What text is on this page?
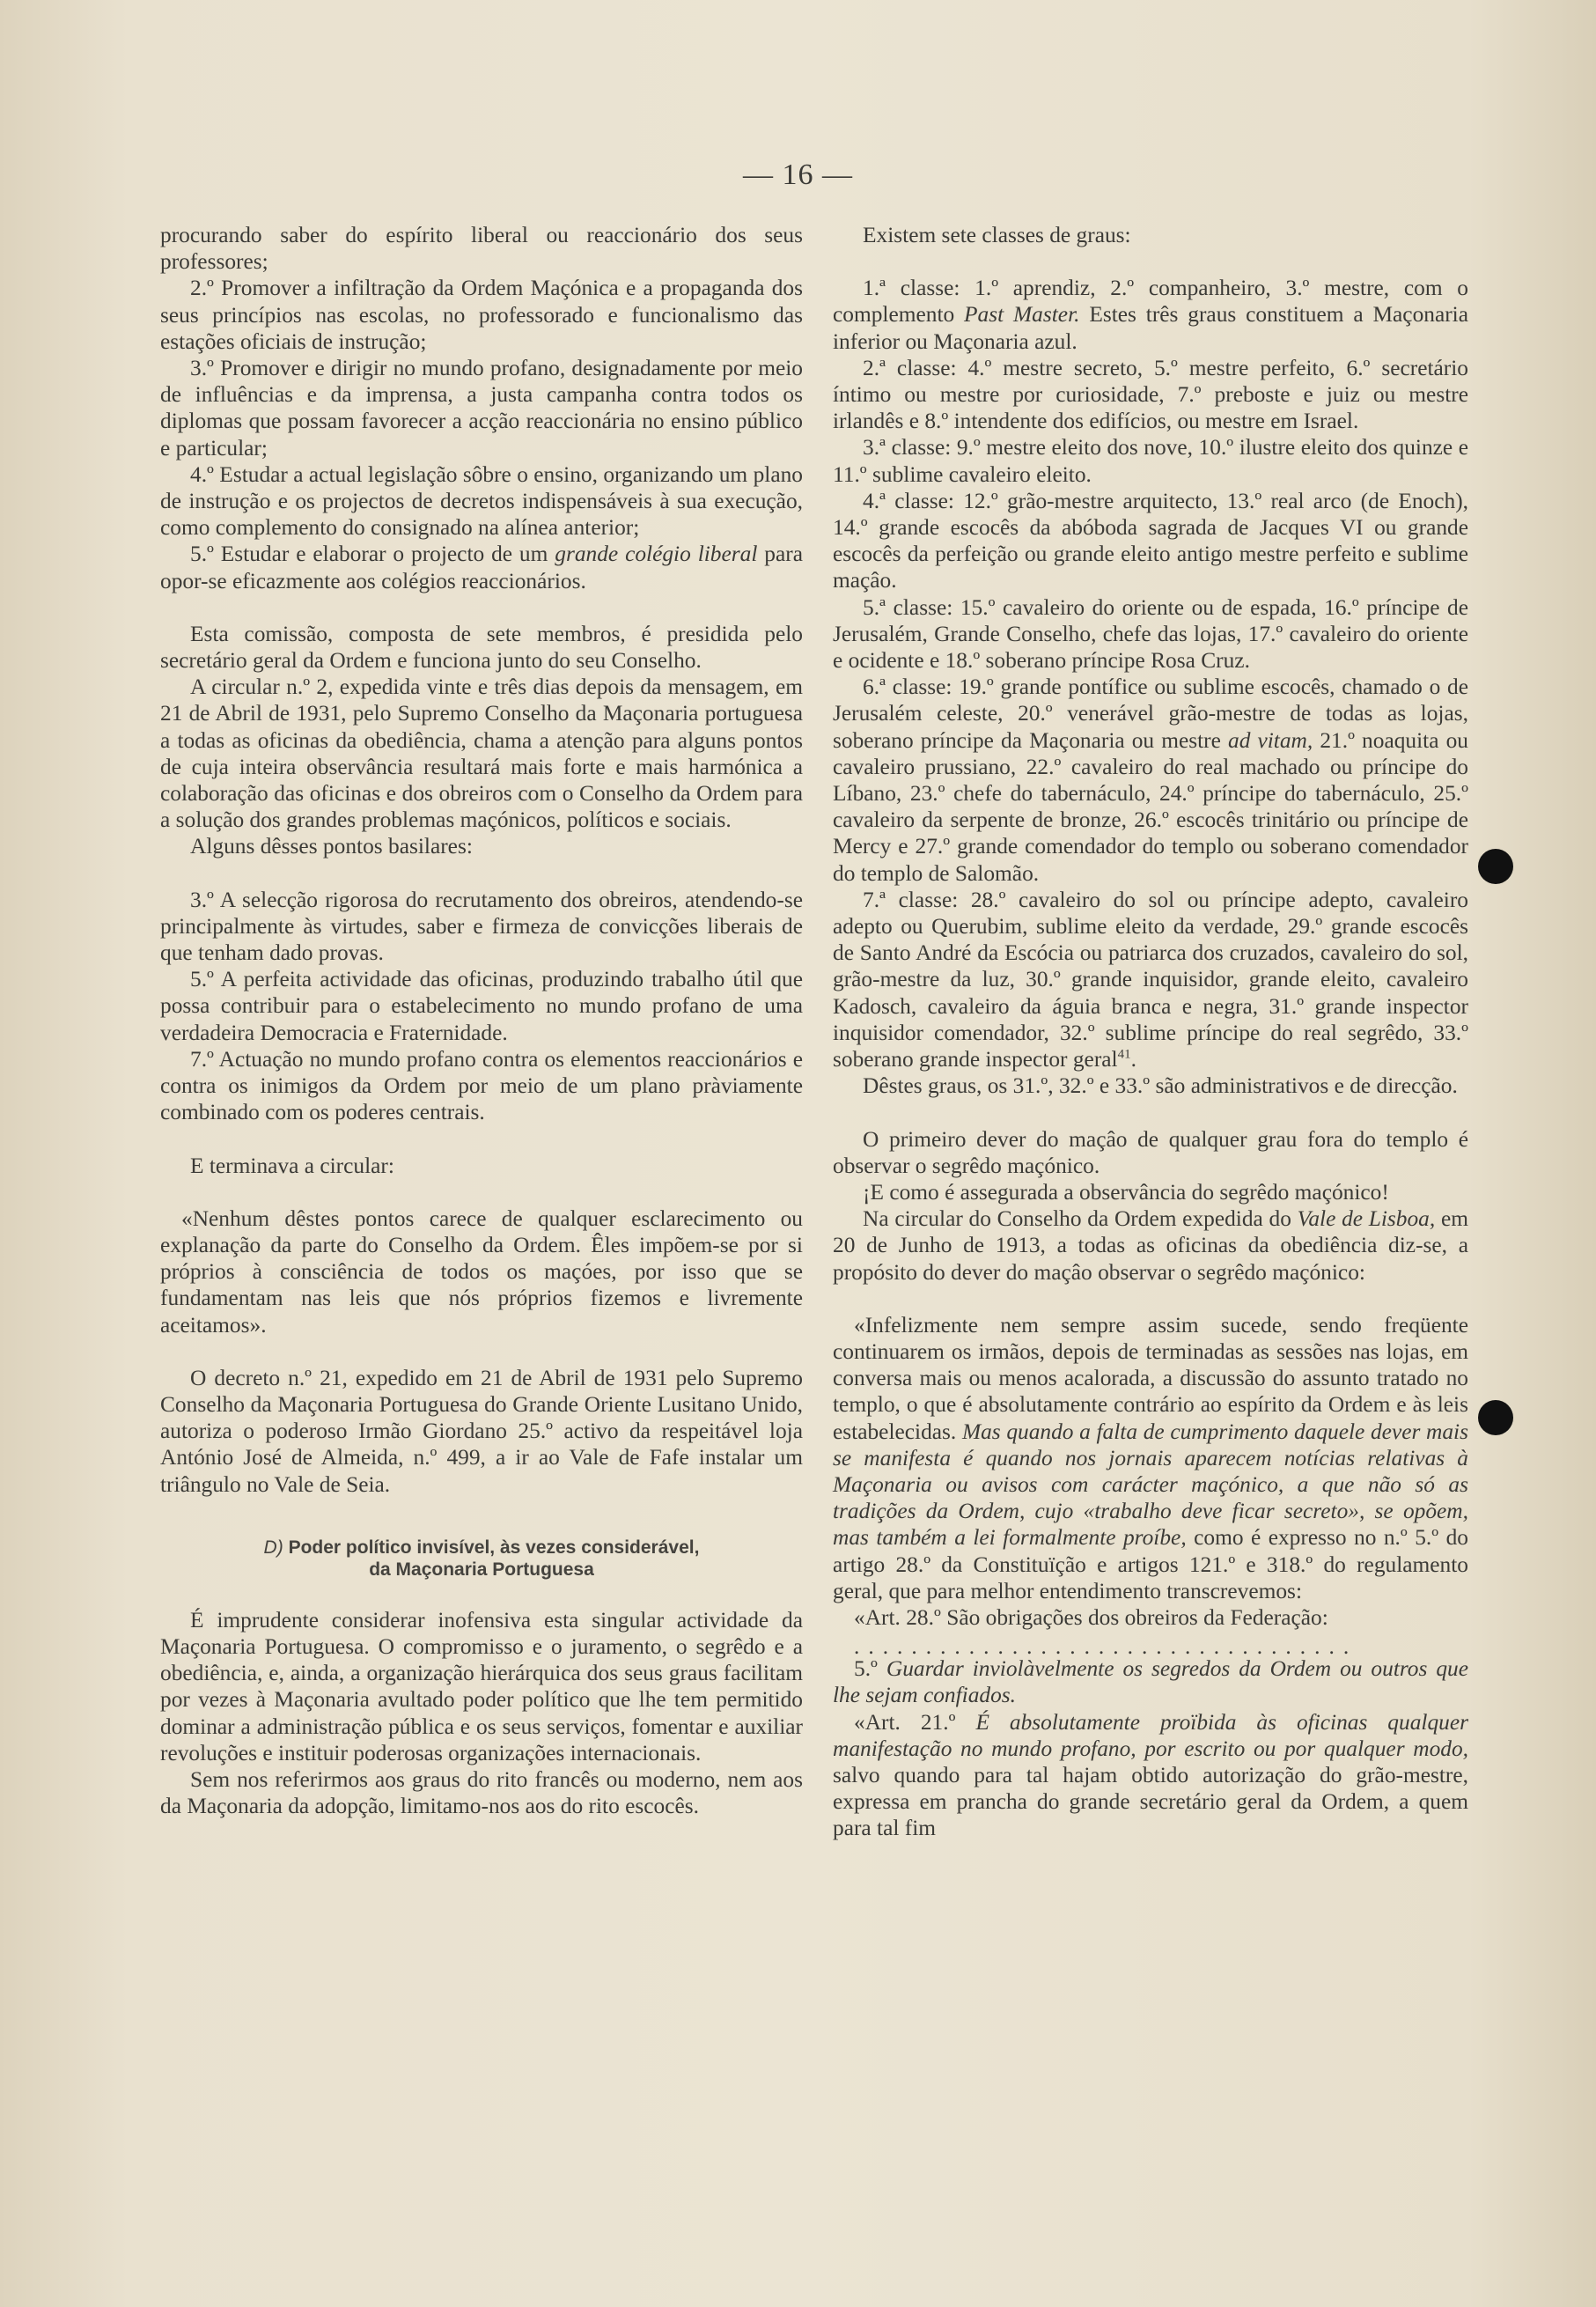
— 16 —

procurando saber do espírito liberal ou reaccionário dos seus professores;

2.º Promover a infiltração da Ordem Maçónica e a propaganda dos seus princípios nas escolas, no professorado e funcionalismo das estações oficiais de instrução;

3.º Promover e dirigir no mundo profano, designadamente por meio de influências e da imprensa, a justa campanha contra todos os diplomas que possam favorecer a acção reaccionária no ensino público e particular;

4.º Estudar a actual legislação sôbre o ensino, organizando um plano de instrução e os projectos de decretos indispensáveis à sua execução, como complemento do consignado na alínea anterior;

5.º Estudar e elaborar o projecto de um grande colégio liberal para opor-se eficazmente aos colégios reaccionários.

Esta comissão, composta de sete membros, é presidida pelo secretário geral da Ordem e funciona junto do seu Conselho.

A circular n.º 2, expedida vinte e três dias depois da mensagem, em 21 de Abril de 1931, pelo Supremo Conselho da Maçonaria portuguesa a todas as oficinas da obediência, chama a atenção para alguns pontos de cuja inteira observância resultará mais forte e mais harmónica a colaboração das oficinas e dos obreiros com o Conselho da Ordem para a solução dos grandes problemas maçónicos, políticos e sociais.

Alguns dêsses pontos basilares:

3.º A selecção rigorosa do recrutamento dos obreiros, atendendo-se principalmente às virtudes, saber e firmeza de convicções liberais de que tenham dado provas.

5.º A perfeita actividade das oficinas, produzindo trabalho útil que possa contribuir para o estabelecimento no mundo profano de uma verdadeira Democracia e Fraternidade.

7.º Actuação no mundo profano contra os elementos reaccionários e contra os inimigos da Ordem por meio de um plano pràviamente combinado com os poderes centrais.

E terminava a circular:

«Nenhum dêstes pontos carece de qualquer esclarecimento ou explanação da parte do Conselho da Ordem. Êles impõem-se por si próprios à consciência de todos os maçóes, por isso que se fundamentam nas leis que nós próprios fizemos e livremente aceitamos».

O decreto n.º 21, expedido em 21 de Abril de 1931 pelo Supremo Conselho da Maçonaria Portuguesa do Grande Oriente Lusitano Unido, autoriza o poderoso Irmão Giordano 25.º activo da respeitável loja António José de Almeida, n.º 499, a ir ao Vale de Fafe instalar um triângulo no Vale de Seia.

D) Poder político invisível, às vezes considerável,
da Maçonaria Portuguesa

É imprudente considerar inofensiva esta singular actividade da Maçonaria Portuguesa. O compromisso e o juramento, o segrêdo e a obediência, e, ainda, a organização hierárquica dos seus graus facilitam por vezes à Maçonaria avultado poder político que lhe tem permitido dominar a administração pública e os seus serviços, fomentar e auxiliar revoluções e instituir poderosas organizações internacionais.

Sem nos referirmos aos graus do rito francês ou moderno, nem aos da Maçonaria da adopção, limitamo-nos aos do rito escocês.

Existem sete classes de graus:

1.ª classe: 1.º aprendiz, 2.º companheiro, 3.º mestre, com o complemento Past Master. Estes três graus constituem a Maçonaria inferior ou Maçonaria azul.

2.ª classe: 4.º mestre secreto, 5.º mestre perfeito, 6.º secretário íntimo ou mestre por curiosidade, 7.º preboste e juiz ou mestre irlandês e 8.º intendente dos edifícios, ou mestre em Israel.

3.ª classe: 9.º mestre eleito dos nove, 10.º ilustre eleito dos quinze e 11.º sublime cavaleiro eleito.

4.ª classe: 12.º grão-mestre arquitecto, 13.º real arco (de Enoch), 14.º grande escocês da abóboda sagrada de Jacques VI ou grande escocês da perfeição ou grande eleito antigo mestre perfeito e sublime maçâo.

5.ª classe: 15.º cavaleiro do oriente ou de espada, 16.º príncipe de Jerusalém, Grande Conselho, chefe das lojas, 17.º cavaleiro do oriente e ocidente e 18.º soberano príncipe Rosa Cruz.

6.ª classe: 19.º grande pontífice ou sublime escocês, chamado o de Jerusalém celeste, 20.º venerável grão-mestre de todas as lojas, soberano príncipe da Maçonaria ou mestre ad vitam, 21.º noaquita ou cavaleiro prussiano, 22.º cavaleiro do real machado ou príncipe do Líbano, 23.º chefe do tabernáculo, 24.º príncipe do tabernáculo, 25.º cavaleiro da serpente de bronze, 26.º escocês trinitário ou príncipe de Mercy e 27.º grande comendador do templo ou soberano comendador do templo de Salomão.

7.ª classe: 28.º cavaleiro do sol ou príncipe adepto, cavaleiro adepto ou Querubim, sublime eleito da verdade, 29.º grande escocês de Santo André da Escócia ou patriarca dos cruzados, cavaleiro do sol, grão-mestre da luz, 30.º grande inquisidor, grande eleito, cavaleiro Kadosch, cavaleiro da águia branca e negra, 31.º grande inspector inquisidor comendador, 32.º sublime príncipe do real segrêdo, 33.º soberano grande inspector geral$^{41}$.

Dêstes graus, os 31.º, 32.º e 33.º são administrativos e de direcção.

O primeiro dever do maçâo de qualquer grau fora do templo é observar o segrêdo maçónico.

¡E como é assegurada a observância do segrêdo maçónico!

Na circular do Conselho da Ordem expedida do Vale de Lisboa, em 20 de Junho de 1913, a todas as oficinas da obediência diz-se, a propósito do dever do maçâo observar o segrêdo maçónico:

«Infelizmente nem sempre assim sucede, sendo freqüente continuarem os irmãos, depois de terminadas as sessões nas lojas, em conversa mais ou menos acalorada, a discussão do assunto tratado no templo, o que é absolutamente contrário ao espírito da Ordem e às leis estabelecidas. Mas quando a falta de cumprimento daquele dever mais se manifesta é quando nos jornais aparecem notícias relativas à Maçonaria ou avisos com carácter maçónico, a que não só as tradições da Ordem, cujo «trabalho deve ficar secreto», se opõem, mas também a lei formalmente proíbe, como é expresso no n.º 5.º do artigo 28.º da Constituïção e artigos 121.º e 318.º do regulamento geral, que para melhor entendimento transcrevemos:

«Art. 28.º São obrigações dos obreiros da Federação:

...................................

5.º Guardar inviolàvelmente os segredos da Ordem ou outros que lhe sejam confiados.

«Art. 21.º É absolutamente proïbida às oficinas qualquer manifestação no mundo profano, por escrito ou por qualquer modo, salvo quando para tal hajam obtido autorização do grão-mestre, expressa em prancha do grande secretário geral da Ordem, a quem para tal fim
